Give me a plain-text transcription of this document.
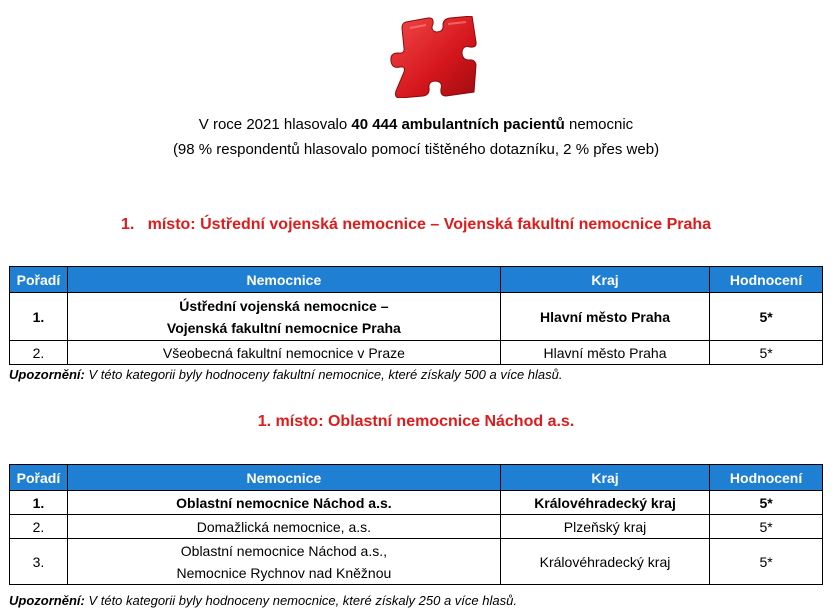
V roce 2021 hlasovalo 40 444 ambulantních pacientů nemocnic
(98 % respondentů hlasovalo pomocí tištěného dotazníku, 2 % přes web)
1.   místo: Ústřední vojenská nemocnice – Vojenská fakultní nemocnice Praha
Pořadí	Nemocnice	Kraj	Hodnocení
1.	Ústřední vojenská nemocnice –
Vojenská fakultní nemocnice Praha	Hlavní město Praha	5*
2.	Všeobecná fakultní nemocnice v Praze	Hlavní město Praha	5*
Upozornění: V této kategorii byly hodnoceny fakultní nemocnice, které získaly 500 a více hlasů.
1. místo: Oblastní nemocnice Náchod a.s.
Pořadí	Nemocnice	Kraj	Hodnocení
1.	Oblastní nemocnice Náchod a.s.	Královéhradecký kraj	5*
2.	Domažlická nemocnice, a.s.	Plzeňský kraj	5*
3.	Oblastní nemocnice Náchod a.s.,
Nemocnice Rychnov nad Kněžnou	Královéhradecký kraj	5*
Upozornění: V této kategorii byly hodnoceny nemocnice, které získaly 250 a více hlasů.
